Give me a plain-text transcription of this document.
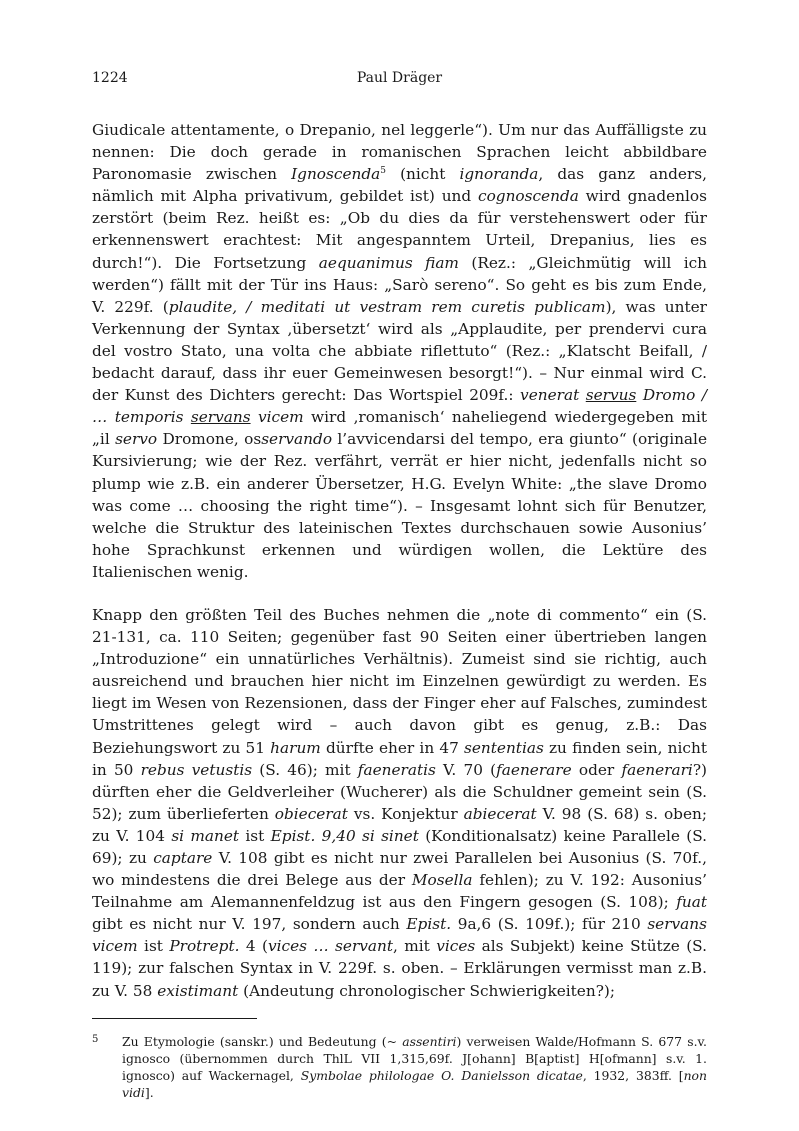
1224	Paul Dräger

Giudicale attentamente, o Drepanio, nel leggerle“). Um nur das Auffälligste zu nennen: Die doch gerade in romanischen Sprachen leicht abbildbare Paronomasie zwischen Ignoscenda$^5$ (nicht ignoranda, das ganz anders, nämlich mit Alpha privativum, gebildet ist) und cognoscenda wird gnadenlos zerstört (beim Rez. heißt es: „Ob du dies da für verstehenswert oder für erkennenswert erachtest: Mit angespanntem Urteil, Drepanius, lies es durch!“). Die Fortsetzung aequanimus fiam (Rez.: „Gleichmütig will ich werden“) fällt mit der Tür ins Haus: „Sarò sereno“. So geht es bis zum Ende, V. 229f. (plaudite, / meditati ut vestram rem curetis publicam), was unter Verkennung der Syntax ‚übersetzt‘ wird als „Applaudite, per prendervi cura del vostro Stato, una volta che abbiate riflettuto“ (Rez.: „Klatscht Beifall, / bedacht darauf, dass ihr euer Gemeinwesen besorgt!“). – Nur einmal wird C. der Kunst des Dichters gerecht: Das Wortspiel 209f.: venerat servus Dromo / … temporis servans vicem wird ‚romanisch‘ naheliegend wiedergegeben mit „il servo Dromone, osservando l’avvicendarsi del tempo, era giunto“ (originale Kursivierung; wie der Rez. verfährt, verrät er hier nicht, jedenfalls nicht so plump wie z.B. ein anderer Übersetzer, H.G. Evelyn White: „the slave Dromo was come … choosing the right time“). – Insgesamt lohnt sich für Benutzer, welche die Struktur des lateinischen Textes durchschauen sowie Ausonius’ hohe Sprachkunst erkennen und würdigen wollen, die Lektüre des Italienischen wenig.

Knapp den größten Teil des Buches nehmen die „note di commento“ ein (S. 21-131, ca. 110 Seiten; gegenüber fast 90 Seiten einer übertrieben langen „Introduzione“ ein unnatürliches Verhältnis). Zumeist sind sie richtig, auch ausreichend und brauchen hier nicht im Einzelnen gewürdigt zu werden. Es liegt im Wesen von Rezensionen, dass der Finger eher auf Falsches, zumindest Umstrittenes gelegt wird – auch davon gibt es genug, z.B.: Das Beziehungswort zu 51 harum dürfte eher in 47 sententias zu finden sein, nicht in 50 rebus vetustis (S. 46); mit faeneratis V. 70 (faenerare oder faenerari?) dürften eher die Geldverleiher (Wucherer) als die Schuldner gemeint sein (S. 52); zum überlieferten obiecerat vs. Konjektur abiecerat V. 98 (S. 68) s. oben; zu V. 104 si manet ist Epist. 9,40 si sinet (Konditionalsatz) keine Parallele (S. 69); zu captare V. 108 gibt es nicht nur zwei Parallelen bei Ausonius (S. 70f., wo mindestens die drei Belege aus der Mosella fehlen); zu V. 192: Ausonius’ Teilnahme am Alemannenfeldzug ist aus den Fingern gesogen (S. 108); fuat gibt es nicht nur V. 197, sondern auch Epist. 9a,6 (S. 109f.); für 210 servans vicem ist Protrept. 4 (vices … servant, mit vices als Subjekt) keine Stütze (S. 119); zur falschen Syntax in V. 229f. s. oben. – Erklärungen vermisst man z.B. zu V. 58 existimant (Andeutung chronologischer Schwierigkeiten?);

5 Zu Etymologie (sanskr.) und Bedeutung (~ assentiri) verweisen Walde/Hofmann S. 677 s.v. ignosco (übernommen durch ThlL VII 1,315,69f. J[ohann] B[aptist] H[ofmann] s.v. 1. ignosco) auf Wackernagel, Symbolae philologae O. Danielsson dicatae, 1932, 383ff. [non vidi].
